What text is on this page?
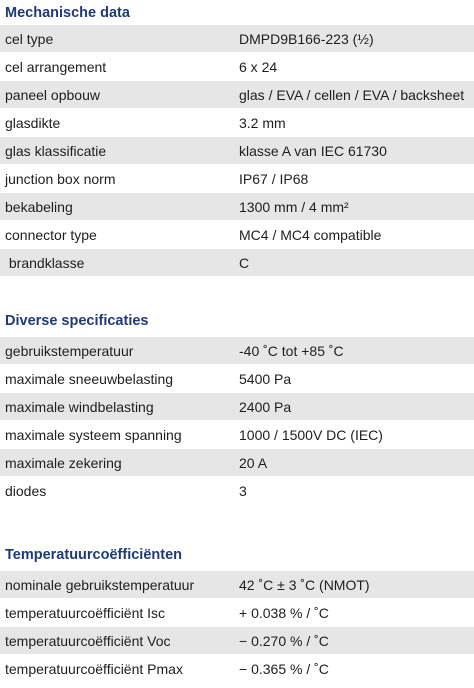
Mechanische data
cel type	DMPD9B166-223 (½)
cel arrangement	6 x 24
paneel opbouw	glas / EVA / cellen / EVA / backsheet
glasdikte	3.2 mm
glas klassificatie	klasse A van IEC 61730
junction box norm	IP67 / IP68
bekabeling	1300 mm / 4 mm²
connector type	MC4 / MC4 compatible
brandklasse	C
Diverse specificaties
gebruikstemperatuur	-40 ˚C tot +85 ˚C
maximale sneeuwbelasting	5400 Pa
maximale windbelasting	2400 Pa
maximale systeem spanning	1000 / 1500V DC (IEC)
maximale zekering	20 A
diodes	3
Temperatuurcoëfficiënten
nominale gebruikstemperatuur	42 ˚C ± 3 ˚C (NMOT)
temperatuurcoëfficiënt Isc	+ 0.038 % / ˚C
temperatuurcoëfficiënt Voc	− 0.270 % / ˚C
temperatuurcoëfficiënt Pmax	− 0.365 % / ˚C
